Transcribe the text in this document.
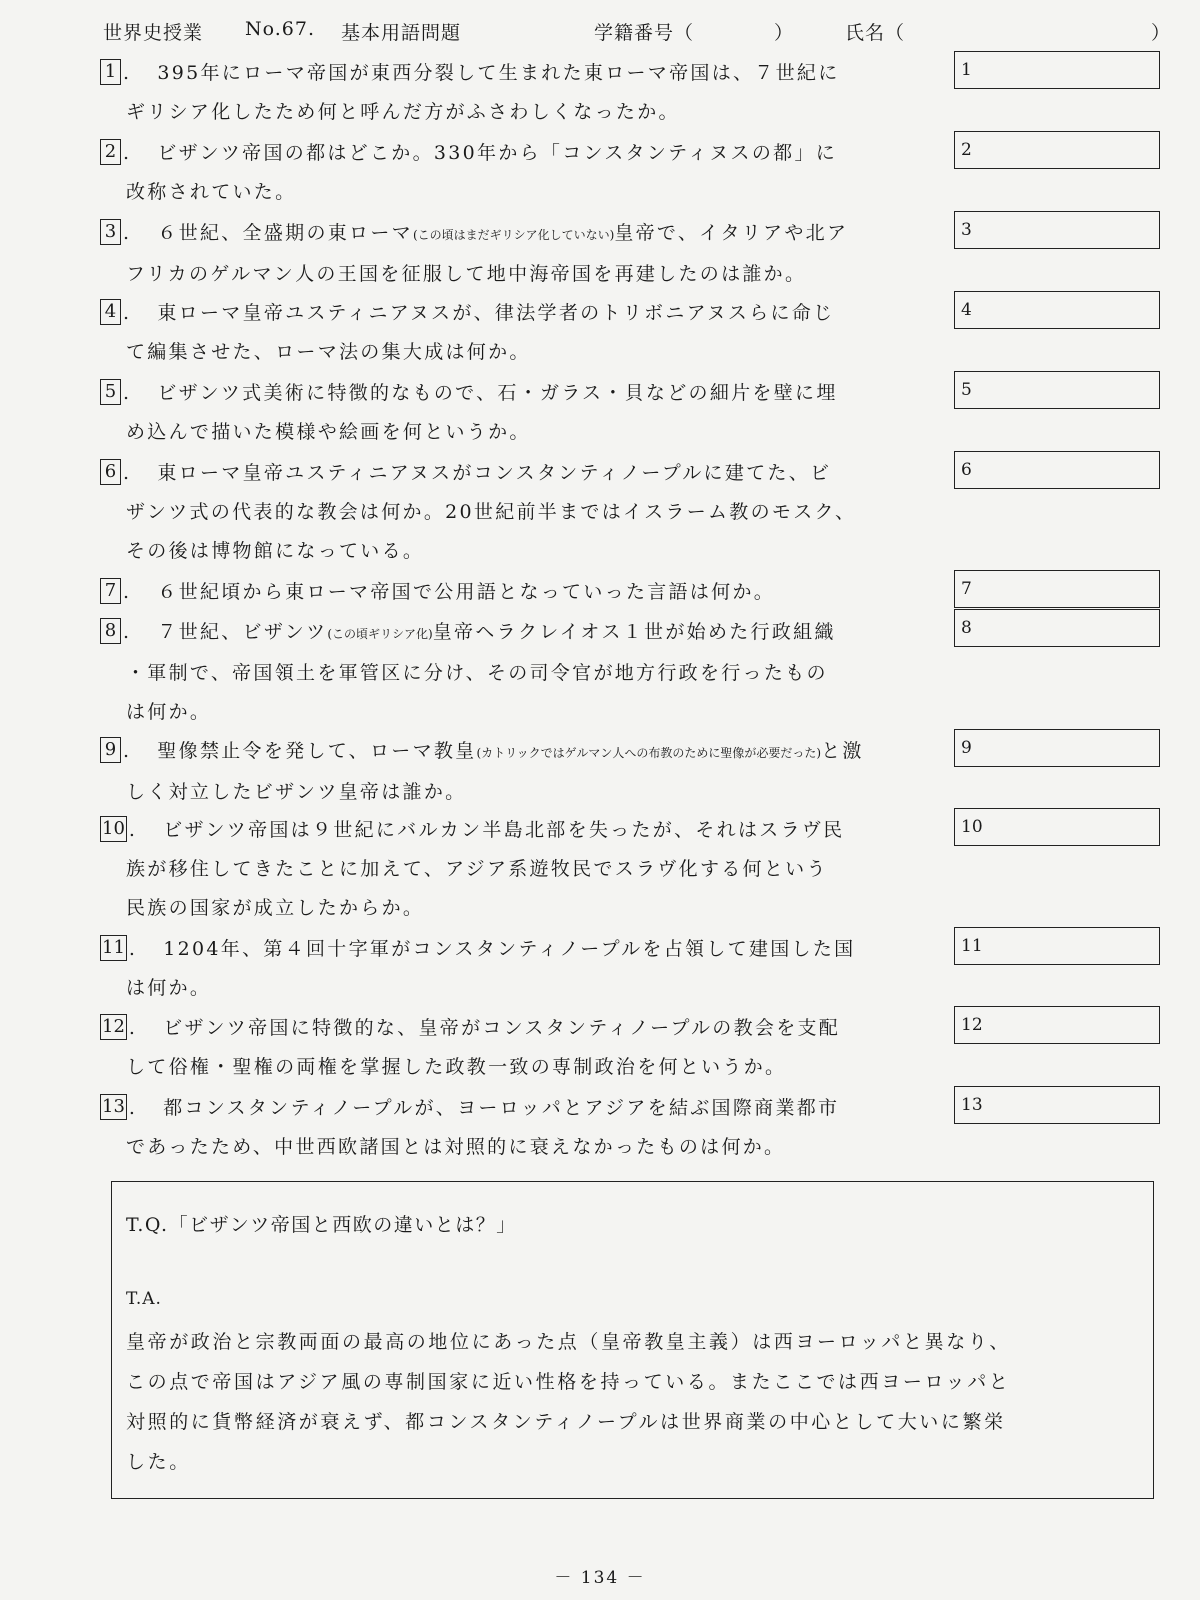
世界史授業 No.67. 基本用語問題	学籍番号（　　　　）	氏名（	）
1 . 395年にローマ帝国が東西分裂して生まれた東ローマ帝国は、７世紀に
ギリシア化したため何と呼んだ方がふさわしくなったか。
1
2 . ビザンツ帝国の都はどこか。330年から「コンスタンティヌスの都」に
改称されていた。
2
3 . ６世紀、全盛期の東ローマ(この頃はまだギリシア化していない)皇帝で、イタリアや北ア
フリカのゲルマン人の王国を征服して地中海帝国を再建したのは誰か。
3
4 . 東ローマ皇帝ユスティニアヌスが、律法学者のトリボニアヌスらに命じ
て編集させた、ローマ法の集大成は何か。
4
5 . ビザンツ式美術に特徴的なもので、石・ガラス・貝などの細片を壁に埋
め込んで描いた模様や絵画を何というか。
5
6 . 東ローマ皇帝ユスティニアヌスがコンスタンティノープルに建てた、ビ
ザンツ式の代表的な教会は何か。20世紀前半まではイスラーム教のモスク、
その後は博物館になっている。
6
7 . ６世紀頃から東ローマ帝国で公用語となっていった言語は何か。	7
8 . ７世紀、ビザンツ(この頃ギリシア化)皇帝ヘラクレイオス１世が始めた行政組織
・軍制で、帝国領土を軍管区に分け、その司令官が地方行政を行ったもの
は何か。
8
9 . 聖像禁止令を発して、ローマ教皇(カトリックではゲルマン人への布教のために聖像が必要だった)と激
しく対立したビザンツ皇帝は誰か。
9
10 . ビザンツ帝国は９世紀にバルカン半島北部を失ったが、それはスラヴ民
族が移住してきたことに加えて、アジア系遊牧民でスラヴ化する何という
民族の国家が成立したからか。
10
11 . 1204年、第４回十字軍がコンスタンティノープルを占領して建国した国
は何か。
11
12 . ビザンツ帝国に特徴的な、皇帝がコンスタンティノープルの教会を支配
して俗権・聖権の両権を掌握した政教一致の専制政治を何というか。
12
13 . 都コンスタンティノープルが、ヨーロッパとアジアを結ぶ国際商業都市
であったため、中世西欧諸国とは対照的に衰えなかったものは何か。
13
T.Q.「ビザンツ帝国と西欧の違いとは？」
T.A.
皇帝が政治と宗教両面の最高の地位にあった点（皇帝教皇主義）は西ヨーロッパと異なり、
この点で帝国はアジア風の専制国家に近い性格を持っている。またここでは西ヨーロッパと
対照的に貨幣経済が衰えず、都コンスタンティノープルは世界商業の中心として大いに繁栄
した。
－ 134 －
